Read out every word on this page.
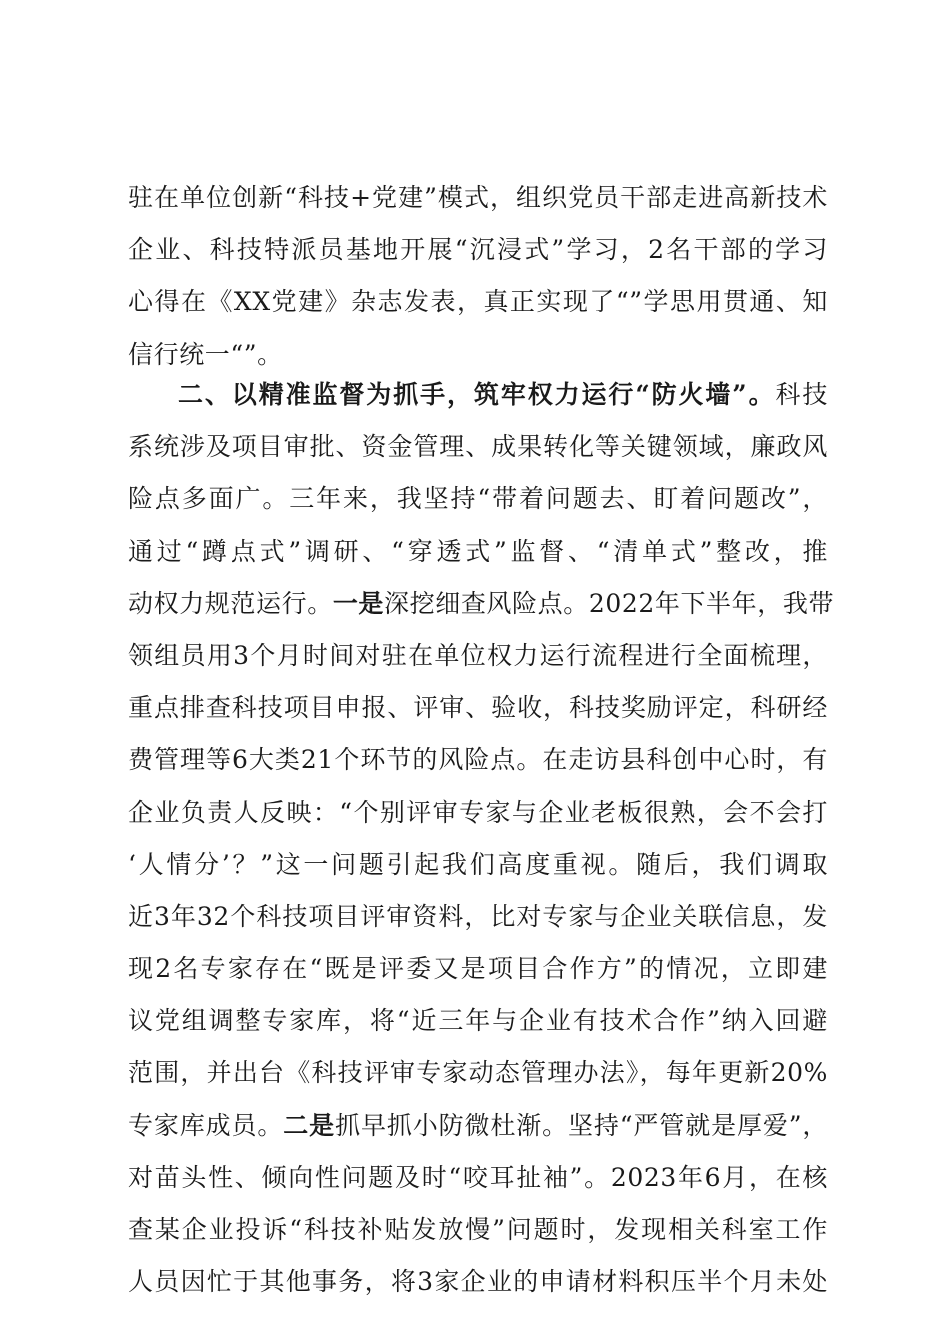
驻在单位创新“科技+党建”模式，组织党员干部走进高新技术
企业、科技特派员基地开展“沉浸式”学习，2名干部的学习
心得在《XX党建》杂志发表，真正实现了“”学思用贯通、知
信行统一“”。
二、以精准监督为抓手，筑牢权力运行“防火墙”。科技
系统涉及项目审批、资金管理、成果转化等关键领域，廉政风
险点多面广。三年来，我坚持“带着问题去、盯着问题改”，
通过“蹲点式”调研、“穿透式”监督、“清单式”整改，推
动权力规范运行。一是深挖细查风险点。2022年下半年，我带
领组员用3个月时间对驻在单位权力运行流程进行全面梳理，
重点排查科技项目申报、评审、验收，科技奖励评定，科研经
费管理等6大类21个环节的风险点。在走访县科创中心时，有
企业负责人反映：“个别评审专家与企业老板很熟，会不会打
‘人情分’？”这一问题引起我们高度重视。随后，我们调取
近3年32个科技项目评审资料，比对专家与企业关联信息，发
现2名专家存在“既是评委又是项目合作方”的情况，立即建
议党组调整专家库，将“近三年与企业有技术合作”纳入回避
范围，并出台《科技评审专家动态管理办法》，每年更新20%
专家库成员。二是抓早抓小防微杜渐。坚持“严管就是厚爱”，
对苗头性、倾向性问题及时“咬耳扯袖”。2023年6月，在核
查某企业投诉“科技补贴发放慢”问题时，发现相关科室工作
人员因忙于其他事务，将3家企业的申请材料积压半个月未处
